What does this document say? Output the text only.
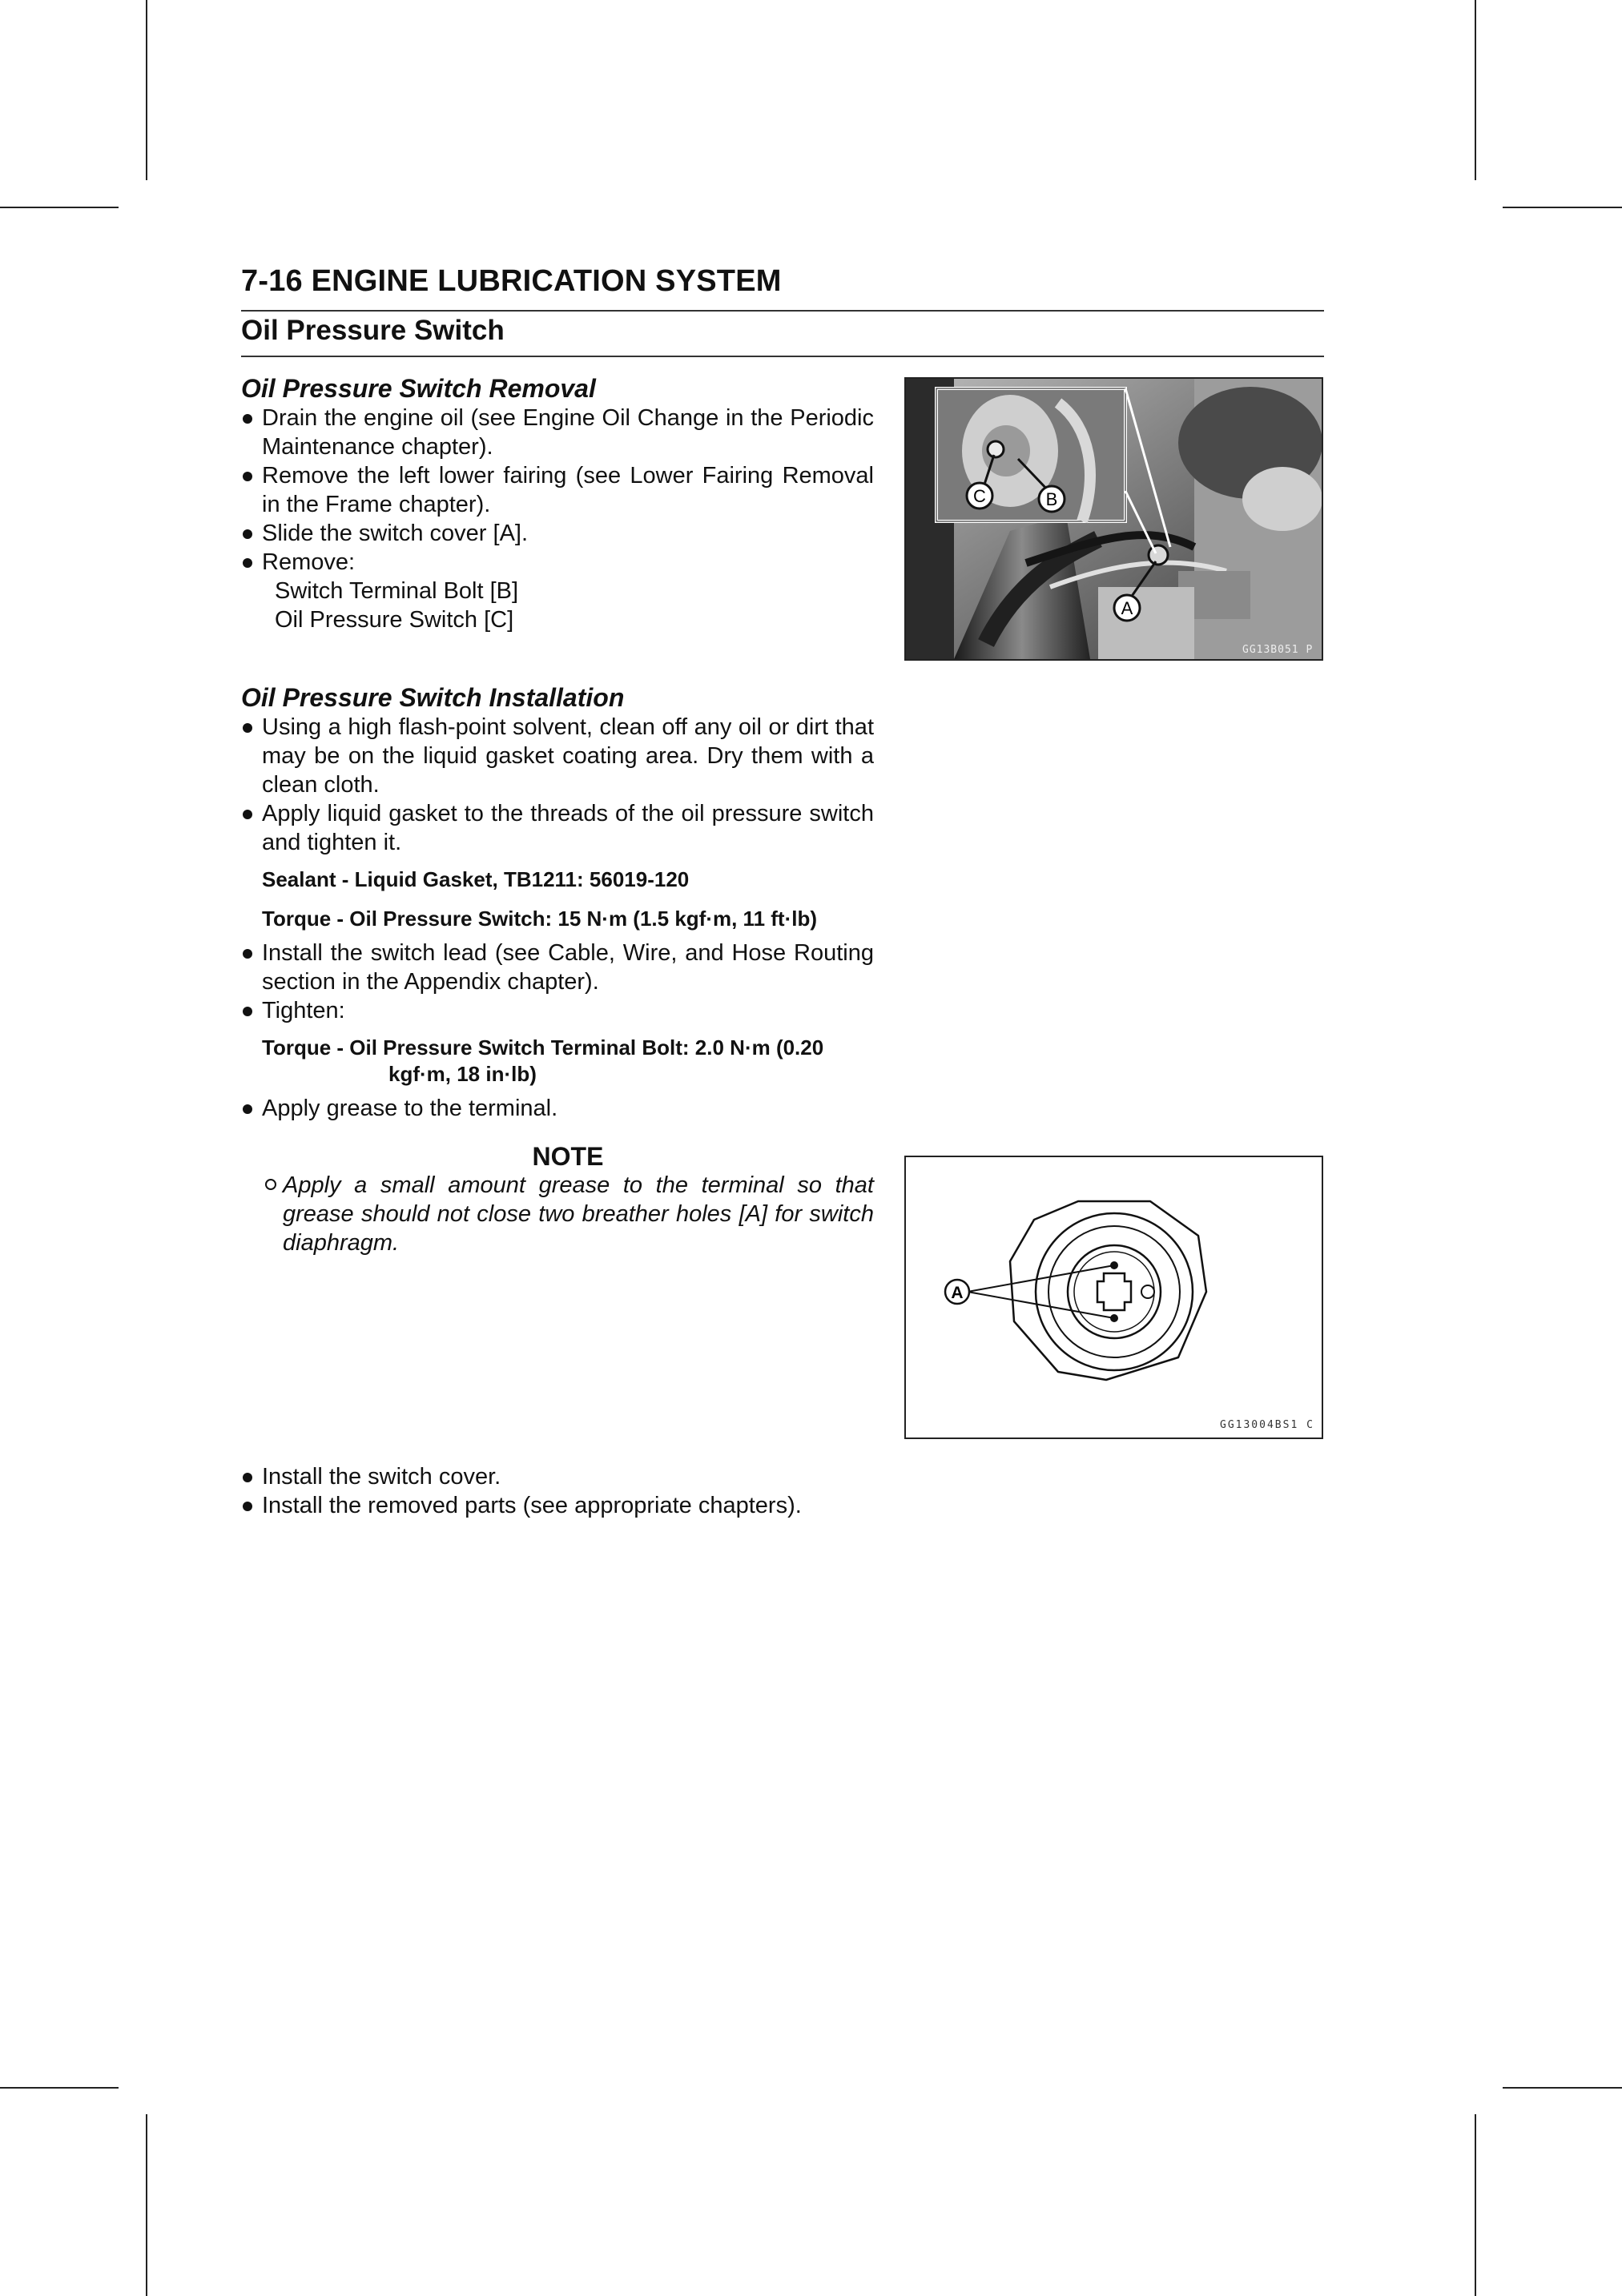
7-16 ENGINE LUBRICATION SYSTEM
Oil Pressure Switch
Oil Pressure Switch Removal
Drain the engine oil (see Engine Oil Change in the Periodic Maintenance chapter).
Remove the left lower fairing (see Lower Fairing Removal in the Frame chapter).
Slide the switch cover [A].
Remove:
Switch Terminal Bolt [B]
Oil Pressure Switch [C]
Oil Pressure Switch Installation
Using a high flash-point solvent, clean off any oil or dirt that may be on the liquid gasket coating area. Dry them with a clean cloth.
Apply liquid gasket to the threads of the oil pressure switch and tighten it.
Sealant - Liquid Gasket, TB1211: 56019-120
Torque - Oil Pressure Switch: 15 N·m (1.5 kgf·m, 11 ft·lb)
Install the switch lead (see Cable, Wire, and Hose Routing section in the Appendix chapter).
Tighten:
Torque - Oil Pressure Switch Terminal Bolt: 2.0 N·m (0.20
kgf·m, 18 in·lb)
Apply grease to the terminal.
NOTE
Apply a small amount grease to the terminal so that grease should not close two breather holes [A] for switch diaphragm.
Install the switch cover.
Install the removed parts (see appropriate chapters).
C	B
A
GG13B051 P
A
GG13004BS1 C
